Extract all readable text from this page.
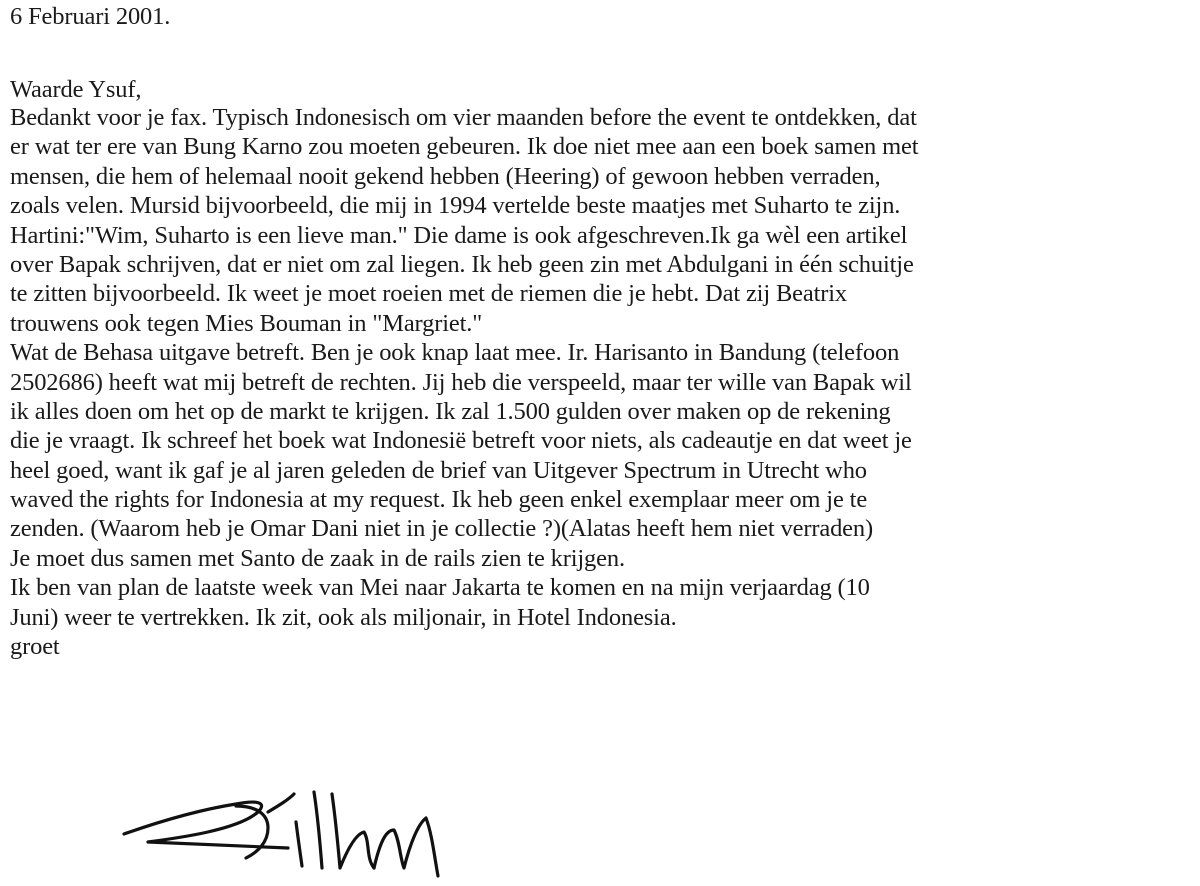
6 Februari 2001.
Waarde Ysuf,
Bedankt voor je fax. Typisch Indonesisch om vier maanden before the event te ontdekken, dat
er wat ter ere van Bung Karno zou moeten gebeuren. Ik doe niet mee aan een boek samen met
mensen, die hem of helemaal nooit gekend hebben (Heering) of gewoon hebben verraden,
zoals velen. Mursid bijvoorbeeld, die mij in 1994 vertelde beste maatjes met Suharto te zijn.
Hartini:"Wim, Suharto is een lieve man." Die dame is ook afgeschreven.Ik ga wèl een artikel
over Bapak schrijven, dat er niet om zal liegen. Ik heb geen zin met Abdulgani in één schuitje
te zitten bijvoorbeeld. Ik weet je moet roeien met de riemen die je hebt. Dat zij Beatrix
trouwens ook tegen Mies Bouman in "Margriet."
Wat de Behasa uitgave betreft. Ben je ook knap laat mee. Ir. Harisanto in Bandung (telefoon
2502686) heeft wat mij betreft de rechten. Jij heb die verspeeld, maar ter wille van Bapak wil
ik alles doen om het op de markt te krijgen. Ik zal 1.500 gulden over maken op de rekening
die je vraagt. Ik schreef het boek wat Indonesië betreft voor niets, als cadeautje en dat weet je
heel goed, want ik gaf je al jaren geleden de brief van Uitgever Spectrum in Utrecht who
waved the rights for Indonesia at my request. Ik heb geen enkel exemplaar meer om je te
zenden. (Waarom heb je Omar Dani niet in je collectie ?)(Alatas heeft hem niet verraden)
Je moet dus samen met Santo de zaak in de rails zien te krijgen.
Ik ben van plan de laatste week van Mei naar Jakarta te komen en na mijn verjaardag (10
Juni) weer te vertrekken. Ik zit, ook als miljonair, in Hotel Indonesia.
groet
